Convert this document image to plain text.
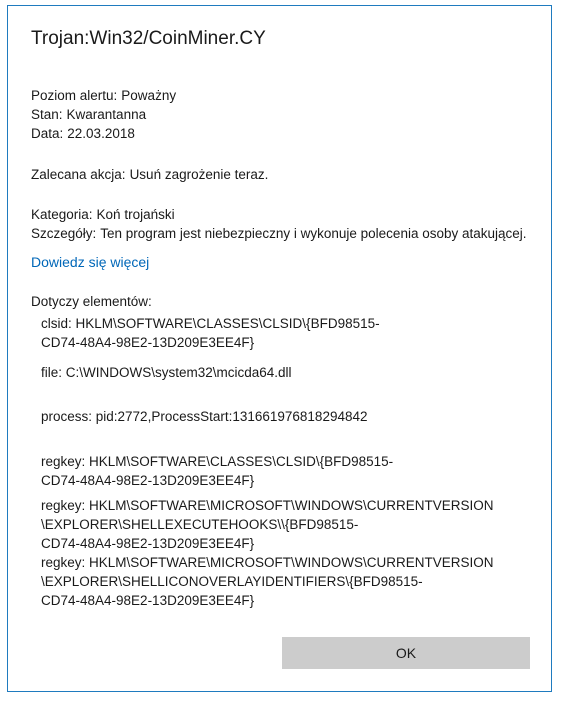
Trojan:Win32/CoinMiner.CY
Poziom alertu: Poważny
Stan: Kwarantanna
Data: 22.03.2018
Zalecana akcja: Usuń zagrożenie teraz.
Kategoria: Koń trojański
Szczegóły: Ten program jest niebezpieczny i wykonuje polecenia osoby atakującej.
Dowiedz się więcej
Dotyczy elementów:
clsid: HKLM\SOFTWARE\CLASSES\CLSID\{BFD98515-
CD74-48A4-98E2-13D209E3EE4F}
file: C:\WINDOWS\system32\mcicda64.dll
process: pid:2772,ProcessStart:131661976818294842
regkey: HKLM\SOFTWARE\CLASSES\CLSID\{BFD98515-
CD74-48A4-98E2-13D209E3EE4F}
regkey: HKLM\SOFTWARE\MICROSOFT\WINDOWS\CURRENTVERSION
\EXPLORER\SHELLEXECUTEHOOKS\\{BFD98515-
CD74-48A4-98E2-13D209E3EE4F}
regkey: HKLM\SOFTWARE\MICROSOFT\WINDOWS\CURRENTVERSION
\EXPLORER\SHELLICONOVERLAYIDENTIFIERS\{BFD98515-
CD74-48A4-98E2-13D209E3EE4F}
OK
